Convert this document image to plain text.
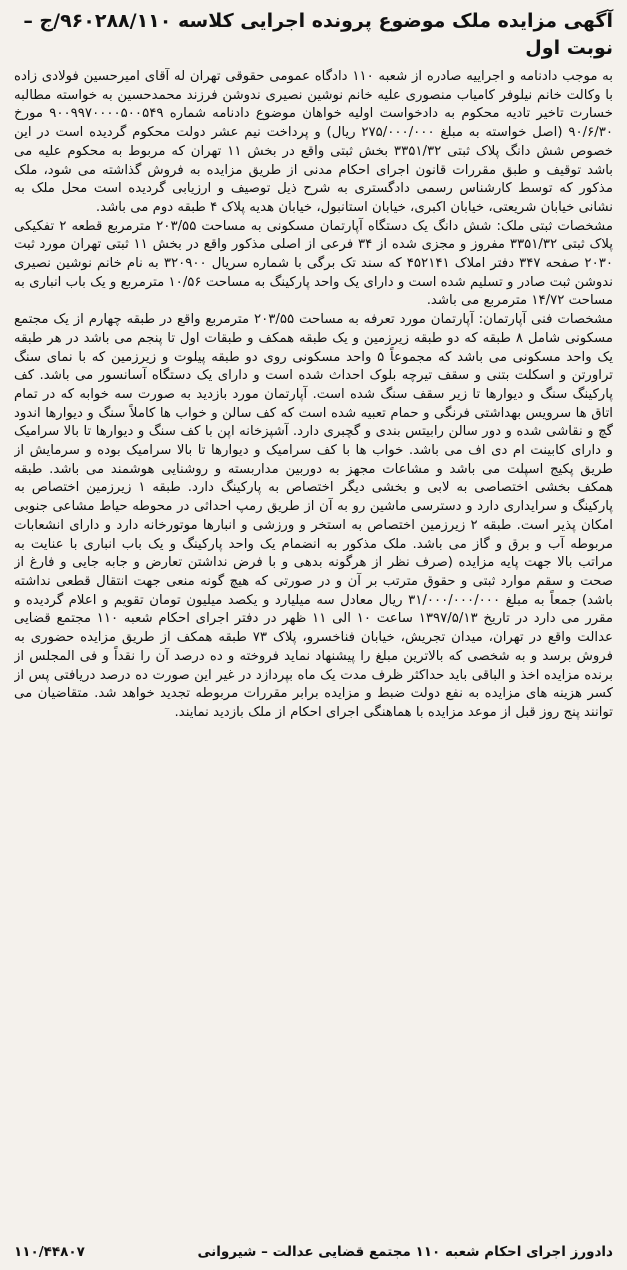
آگهی مزایده ملک موضوع پرونده اجرایی کلاسه ۹۶۰۲۸۸/۱۱۰/ج – نوبت اول

به موجب دادنامه و اجراییه صادره از شعبه ۱۱۰ دادگاه عمومی حقوقی تهران له آقای امیرحسین فولادی زاده با وکالت خانم نیلوفر کامیاب منصوری علیه خانم نوشین نصیری ندوشن فرزند محمدحسین به خواسته مطالبه خسارت تاخیر تادیه محکوم به دادخواست اولیه خواهان موضوع دادنامه شماره ۹۰۰۹۹۷۰۰۰۰۵۰۰۵۴۹ مورخ ۹۰/۶/۳۰ (اصل خواسته به مبلغ ۲۷۵/۰۰۰/۰۰۰ ریال) و پرداخت نیم عشر دولت محکوم گردیده است در این خصوص شش دانگ پلاک ثبتی ۳۳۵۱/۳۲ بخش ثبتی واقع در بخش ۱۱ تهران که مربوط به محکوم علیه می باشد توقیف و طبق مقررات قانون اجرای احکام مدنی از طریق مزایده به فروش گذاشته می شود، ملک مذکور که توسط کارشناس رسمی دادگستری به شرح ذیل توصیف و ارزیابی گردیده است محل ملک به نشانی خیابان شریعتی، خیابان اکبری، خیابان استانبول، خیابان هدیه پلاک ۴ طبقه دوم می باشد.

مشخصات ثبتی ملک: شش دانگ یک دستگاه آپارتمان مسکونی به مساحت ۲۰۳/۵۵ مترمربع قطعه ۲ تفکیکی پلاک ثبتی ۳۳۵۱/۳۲ مفروز و مجزی شده از ۳۴ فرعی از اصلی مذکور واقع در بخش ۱۱ ثبتی تهران مورد ثبت ۲۰۳۰ صفحه ۳۴۷ دفتر املاک ۴۵۲۱۴۱ که سند تک برگی با شماره سریال ۳۲۰۹۰۰ به نام خانم نوشین نصیری ندوشن ثبت صادر و تسلیم شده است و دارای یک واحد پارکینگ به مساحت ۱۰/۵۶ مترمربع و یک باب انباری به مساحت ۱۴/۷۲ مترمربع می باشد.

مشخصات فنی آپارتمان: آپارتمان مورد تعرفه به مساحت ۲۰۳/۵۵ مترمربع واقع در طبقه چهارم از یک مجتمع مسکونی شامل ۸ طبقه که دو طبقه زیرزمین و یک طبقه همکف و طبقات اول تا پنجم می باشد در هر طبقه یک واحد مسکونی می باشد که مجموعاً ۵ واحد مسکونی روی دو طبقه پیلوت و زیرزمین که با نمای سنگ تراورتن و اسکلت بتنی و سقف تیرچه بلوک احداث شده است و دارای یک دستگاه آسانسور می باشد. کف پارکینگ سنگ و دیوارها تا زیر سقف سنگ شده است. آپارتمان مورد بازدید به صورت سه خوابه که در تمام اتاق ها سرویس بهداشتی فرنگی و حمام تعبیه شده است که کف سالن و خواب ها کاملاً سنگ و دیوارها اندود گچ و نقاشی شده و دور سالن رابیتس بندی و گچبری دارد. آشپزخانه اپن با کف سنگ و دیوارها تا بالا سرامیک و دارای کابینت ام دی اف می باشد. خواب ها با کف سرامیک و دیوارها تا بالا سرامیک بوده و سرمایش از طریق پکیج اسپلت می باشد و مشاعات مجهز به دوربین مداربسته و روشنایی هوشمند می باشد. طبقه همکف بخشی اختصاصی به لابی و بخشی دیگر اختصاص به پارکینگ دارد. طبقه ۱ زیرزمین اختصاص به پارکینگ و سرایداری دارد و دسترسی ماشین رو به آن از طریق رمپ احداثی در محوطه حیاط مشاعی جنوبی امکان پذیر است. طبقه ۲ زیرزمین اختصاص به استخر و ورزشی و انبارها موتورخانه دارد و دارای انشعابات مربوطه آب و برق و گاز می باشد. ملک مذکور به انضمام یک واحد پارکینگ و یک باب انباری با عنایت به مراتب بالا جهت پایه مزایده (صرف نظر از هرگونه بدهی و با فرض نداشتن تعارض و جابه جایی و فارغ از صحت و سقم موارد ثبتی و حقوق مترتب بر آن و در صورتی که هیچ گونه منعی جهت انتقال قطعی نداشته باشد) جمعاً به مبلغ ۳۱/۰۰۰/۰۰۰/۰۰۰ ریال معادل سه میلیارد و یکصد میلیون تومان تقویم و اعلام گردیده و مقرر می دارد در تاریخ ۱۳۹۷/۵/۱۳ ساعت ۱۰ الی ۱۱ ظهر در دفتر اجرای احکام شعبه ۱۱۰ مجتمع قضایی عدالت واقع در تهران، میدان تجریش، خیابان فناخسرو، پلاک ۷۳ طبقه همکف از طریق مزایده حضوری به فروش برسد و به شخصی که بالاترین مبلغ را پیشنهاد نماید فروخته و ده درصد آن را نقداً و فی المجلس از برنده مزایده اخذ و الباقی باید حداکثر ظرف مدت یک ماه بپردازد در غیر این صورت ده درصد دریافتی پس از کسر هزینه های مزایده به نفع دولت ضبط و مزایده برابر مقررات مربوطه تجدید خواهد شد. متقاضیان می توانند پنج روز قبل از موعد مزایده با هماهنگی اجرای احکام از ملک بازدید نمایند.

دادورز اجرای احکام شعبه ۱۱۰ مجتمع قضایی عدالت – شیروانی
۱۱۰/۴۴۸۰۷
